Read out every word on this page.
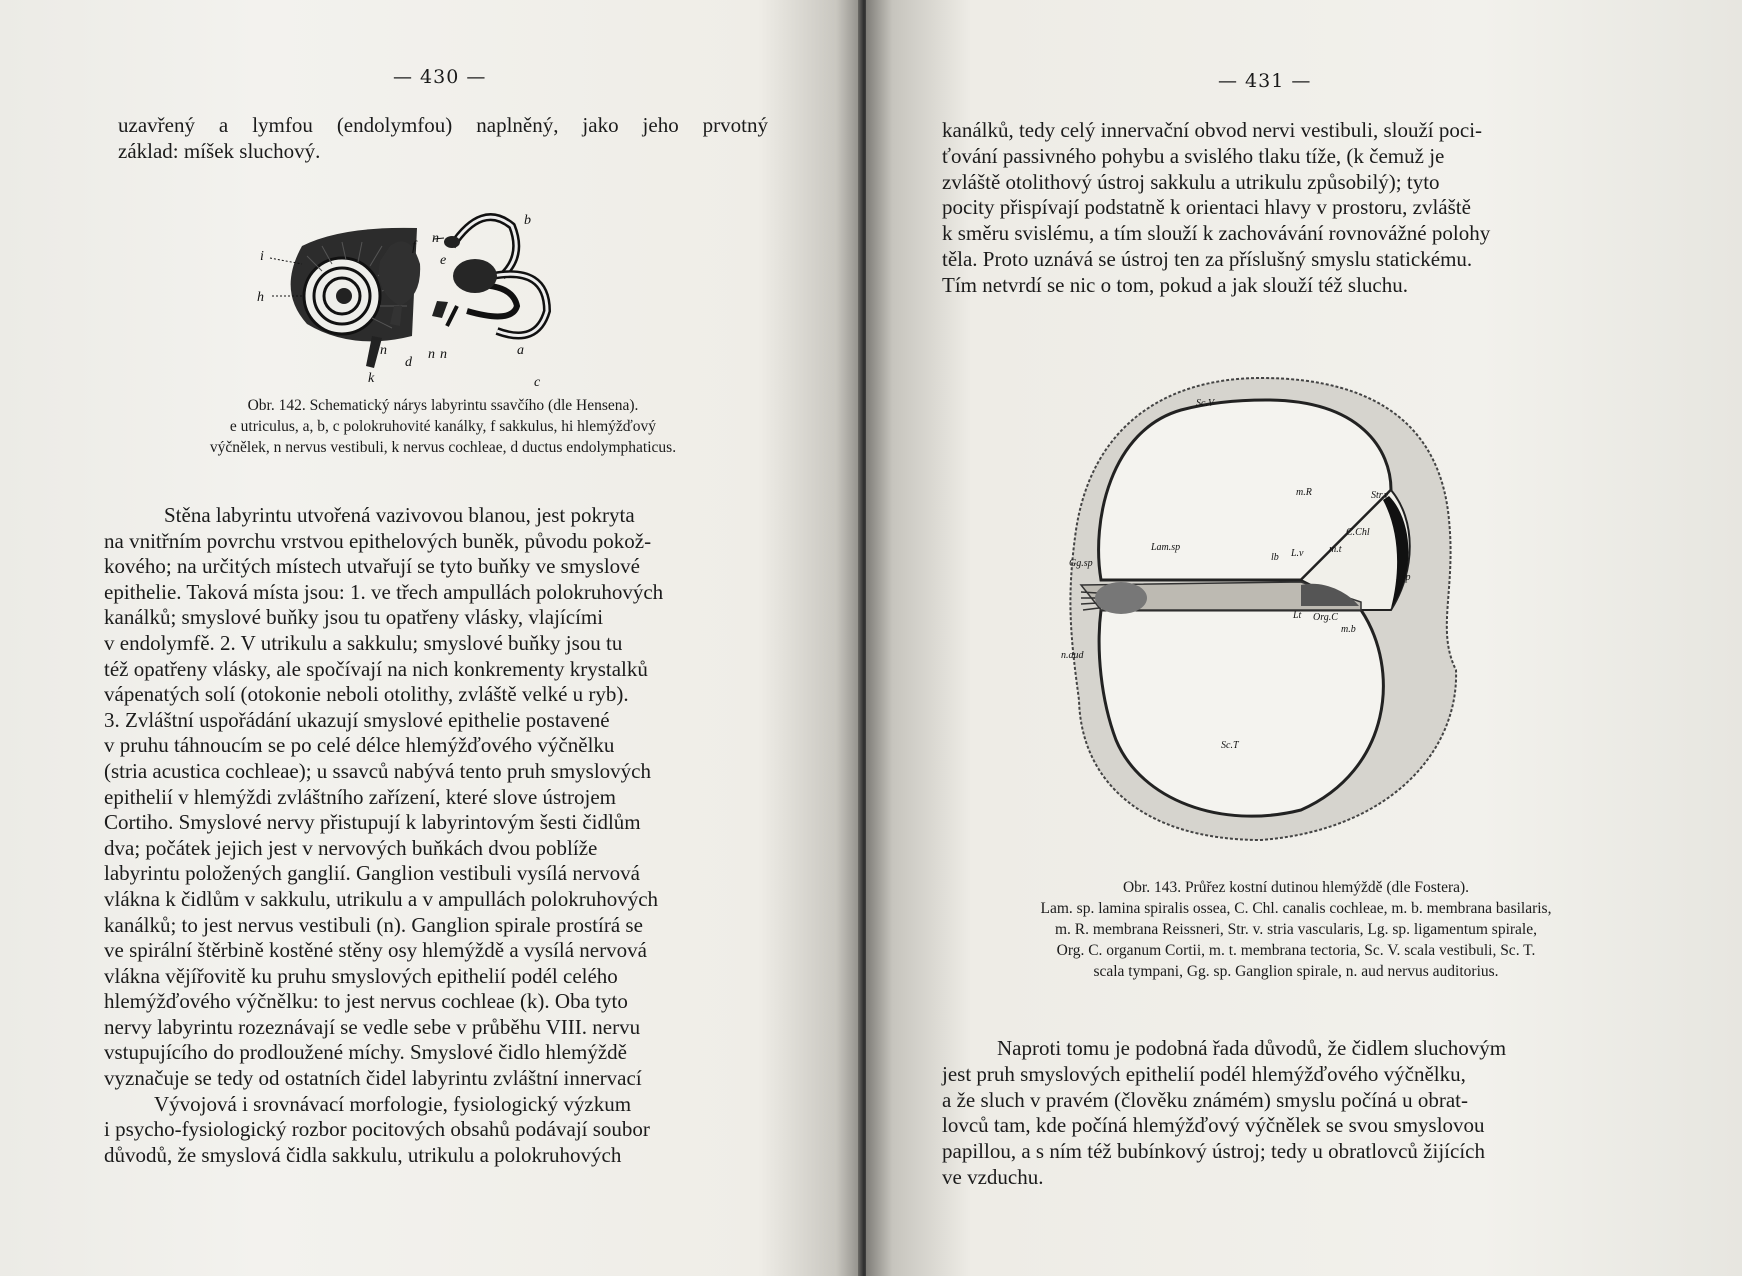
— 430 —
uzavřený a lymfou (endolymfou) naplněný, jako jeho prvotný
základ: míšek sluchový.
i
h
k
n
d
f
n
e
b
n n	a
c
Obr. 142. Schematický nárys labyrintu ssavčího (dle Hensena).
e utriculus, a, b, c polokruhovité kanálky, f sakkulus, hi hlemýžďový
výčnělek, n nervus vestibuli, k nervus cochleae, d ductus endolymphaticus.
Stěna labyrintu utvořená vazivovou blanou, jest pokryta
na vnitřním povrchu vrstvou epithelových buněk, původu pokož-
kového; na určitých místech utvařují se tyto buňky ve smyslové
epithelie. Taková místa jsou: 1. ve třech ampullách polokruhových
kanálků; smyslové buňky jsou tu opatřeny vlásky, vlajícími
v endolymfě. 2. V utrikulu a sakkulu; smyslové buňky jsou tu
též opatřeny vlásky, ale spočívají na nich konkrementy krystalků
vápenatých solí (otokonie neboli otolithy, zvláště velké u ryb).
3. Zvláštní uspořádání ukazují smyslové epithelie postavené
v pruhu táhnoucím se po celé délce hlemýžďového výčnělku
(stria acustica cochleae); u ssavců nabývá tento pruh smyslových
epithelií v hlemýždi zvláštního zařízení, které slove ústrojem
Cortiho. Smyslové nervy přistupují k labyrintovým šesti čidlům
dva; počátek jejich jest v nervových buňkách dvou poblíže
labyrintu položených ganglií. Ganglion vestibuli vysílá nervová
vlákna k čidlům v sakkulu, utrikulu a v ampullách polokruhových
kanálků; to jest nervus vestibuli (n). Ganglion spirale prostírá se
ve spirální štěrbině kostěné stěny osy hlemýždě a vysílá nervová
vlákna vějířovitě ku pruhu smyslových epithelií podél celého
hlemýžďového výčnělku: to jest nervus cochleae (k). Oba tyto
nervy labyrintu rozeznávají se vedle sebe v průběhu VIII. nervu
vstupujícího do prodloužené míchy. Smyslové čidlo hlemýždě
vyznačuje se tedy od ostatních čidel labyrintu zvláštní innervací
Vývojová i srovnávací morfologie, fysiologický výzkum
i psycho-fysiologický rozbor pocitových obsahů podávají soubor
důvodů, že smyslová čidla sakkulu, utrikulu a polokruhových
— 431 —
kanálků, tedy celý innervační obvod nervi vestibuli, slouží poci-
ťování passivného pohybu a svislého tlaku tíže, (k čemuž je
zvláště otolithový ústroj sakkulu a utrikulu způsobilý); tyto
pocity přispívají podstatně k orientaci hlavy v prostoru, zvláště
k směru svislému, a tím slouží k zachovávání rovnovážné polohy
těla. Proto uznává se ústroj ten za příslušný smyslu statickému.
Tím netvrdí se nic o tom, pokud a jak slouží též sluchu.
Sc.V
m.R	Str.v
C.Chl
Lam.sp
lb L.v	m.t
Lt Org.C
m.b
Lsp
Gg.sp
n.aud
Sc.T
Obr. 143. Průřez kostní dutinou hlemýždě (dle Fostera).
Lam. sp. lamina spiralis ossea, C. Chl. canalis cochleae, m. b. membrana basilaris,
m. R. membrana Reissneri, Str. v. stria vascularis, Lg. sp. ligamentum spirale,
Org. C. organum Cortii, m. t. membrana tectoria, Sc. V. scala vestibuli, Sc. T.
scala tympani, Gg. sp. Ganglion spirale, n. aud nervus auditorius.
Naproti tomu je podobná řada důvodů, že čidlem sluchovým
jest pruh smyslových epithelií podél hlemýžďového výčnělku,
a že sluch v pravém (člověku známém) smyslu počíná u obrat-
lovců tam, kde počíná hlemýžďový výčnělek se svou smyslovou
papillou, a s ním též bubínkový ústroj; tedy u obratlovců žijících
ve vzduchu.
